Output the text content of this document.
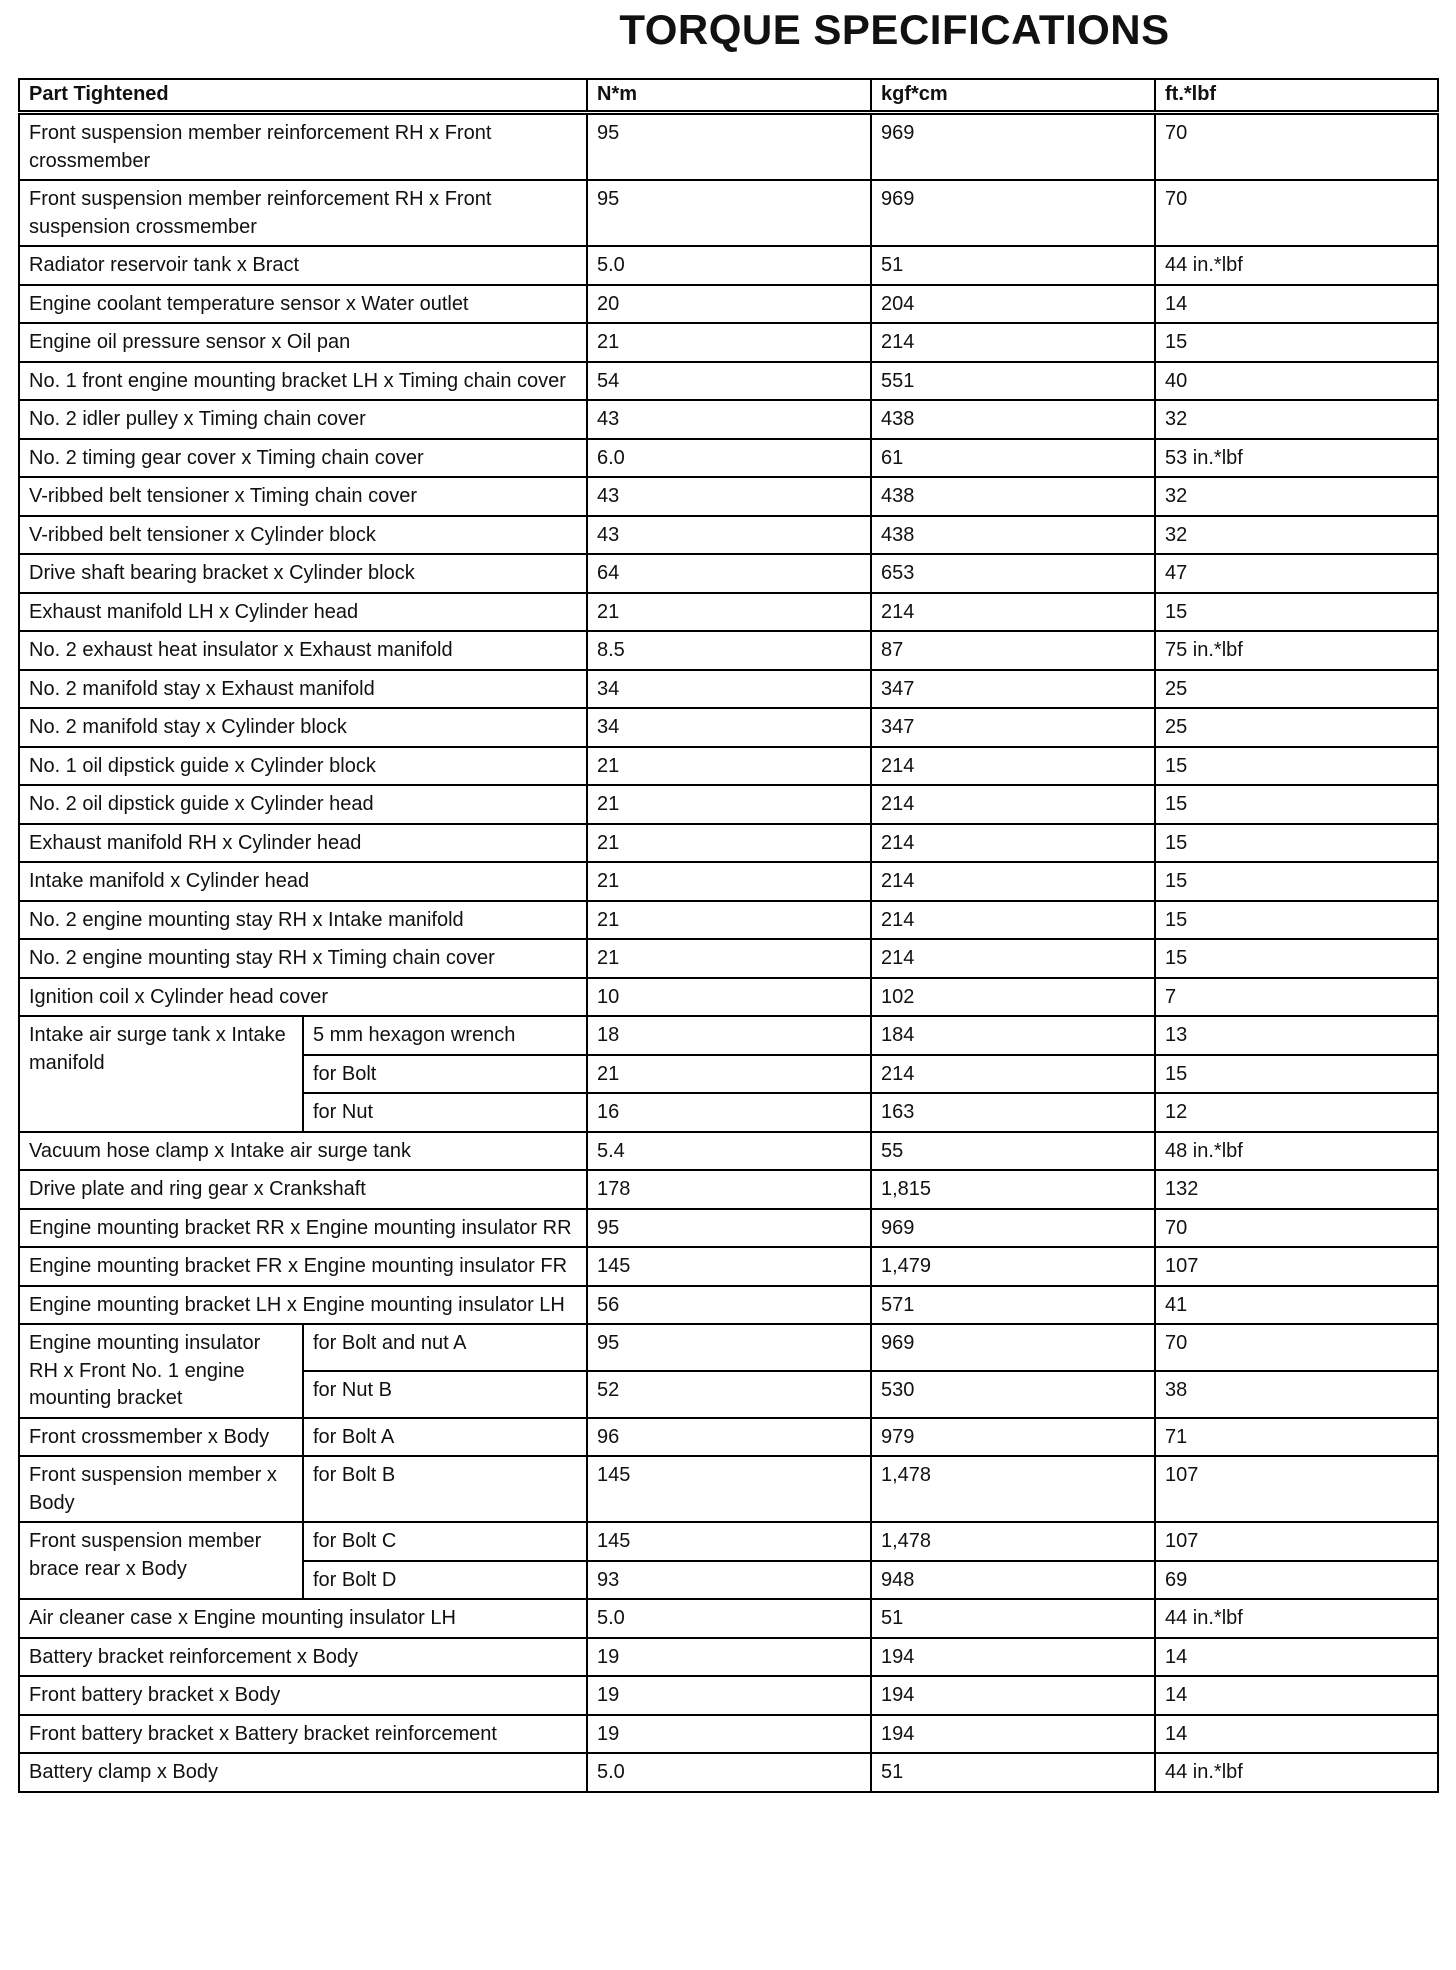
TORQUE SPECIFICATIONS
Part Tightened		N*m	kgf*cm	ft.*lbf
Front suspension member reinforcement RH x Front crossmember		95	969	70
Front suspension member reinforcement RH x Front suspension crossmember		95	969	70
Radiator reservoir tank x Bract		5.0	51	44 in.*lbf
Engine coolant temperature sensor x Water outlet		20	204	14
Engine oil pressure sensor x Oil pan		21	214	15
No. 1 front engine mounting bracket LH x Timing chain cover		54	551	40
No. 2 idler pulley x Timing chain cover		43	438	32
No. 2 timing gear cover x Timing chain cover		6.0	61	53 in.*lbf
V-ribbed belt tensioner x Timing chain cover		43	438	32
V-ribbed belt tensioner x Cylinder block		43	438	32
Drive shaft bearing bracket x Cylinder block		64	653	47
Exhaust manifold LH x Cylinder head		21	214	15
No. 2 exhaust heat insulator x Exhaust manifold		8.5	87	75 in.*lbf
No. 2 manifold stay x Exhaust manifold		34	347	25
No. 2 manifold stay x Cylinder block		34	347	25
No. 1 oil dipstick guide x Cylinder block		21	214	15
No. 2 oil dipstick guide x Cylinder head		21	214	15
Exhaust manifold RH x Cylinder head		21	214	15
Intake manifold x Cylinder head		21	214	15
No. 2 engine mounting stay RH x Intake manifold		21	214	15
No. 2 engine mounting stay RH x Timing chain cover		21	214	15
Ignition coil x Cylinder head cover		10	102	7
Intake air surge tank x Intake manifold	5 mm hexagon wrench	18	184	13
	for Bolt	21	214	15
	for Nut	16	163	12
Vacuum hose clamp x Intake air surge tank		5.4	55	48 in.*lbf
Drive plate and ring gear x Crankshaft		178	1,815	132
Engine mounting bracket RR x Engine mounting insulator RR		95	969	70
Engine mounting bracket FR x Engine mounting insulator FR		145	1,479	107
Engine mounting bracket LH x Engine mounting insulator LH		56	571	41
Engine mounting insulator RH x Front No. 1 engine mounting bracket	for Bolt and nut A	95	969	70
	for Nut B	52	530	38
Front crossmember x Body	for Bolt A	96	979	71
Front suspension member x Body	for Bolt B	145	1,478	107
Front suspension member brace rear x Body	for Bolt C	145	1,478	107
	for Bolt D	93	948	69
Air cleaner case x Engine mounting insulator LH		5.0	51	44 in.*lbf
Battery bracket reinforcement x Body		19	194	14
Front battery bracket x Body		19	194	14
Front battery bracket x Battery bracket reinforcement		19	194	14
Battery clamp x Body		5.0	51	44 in.*lbf
